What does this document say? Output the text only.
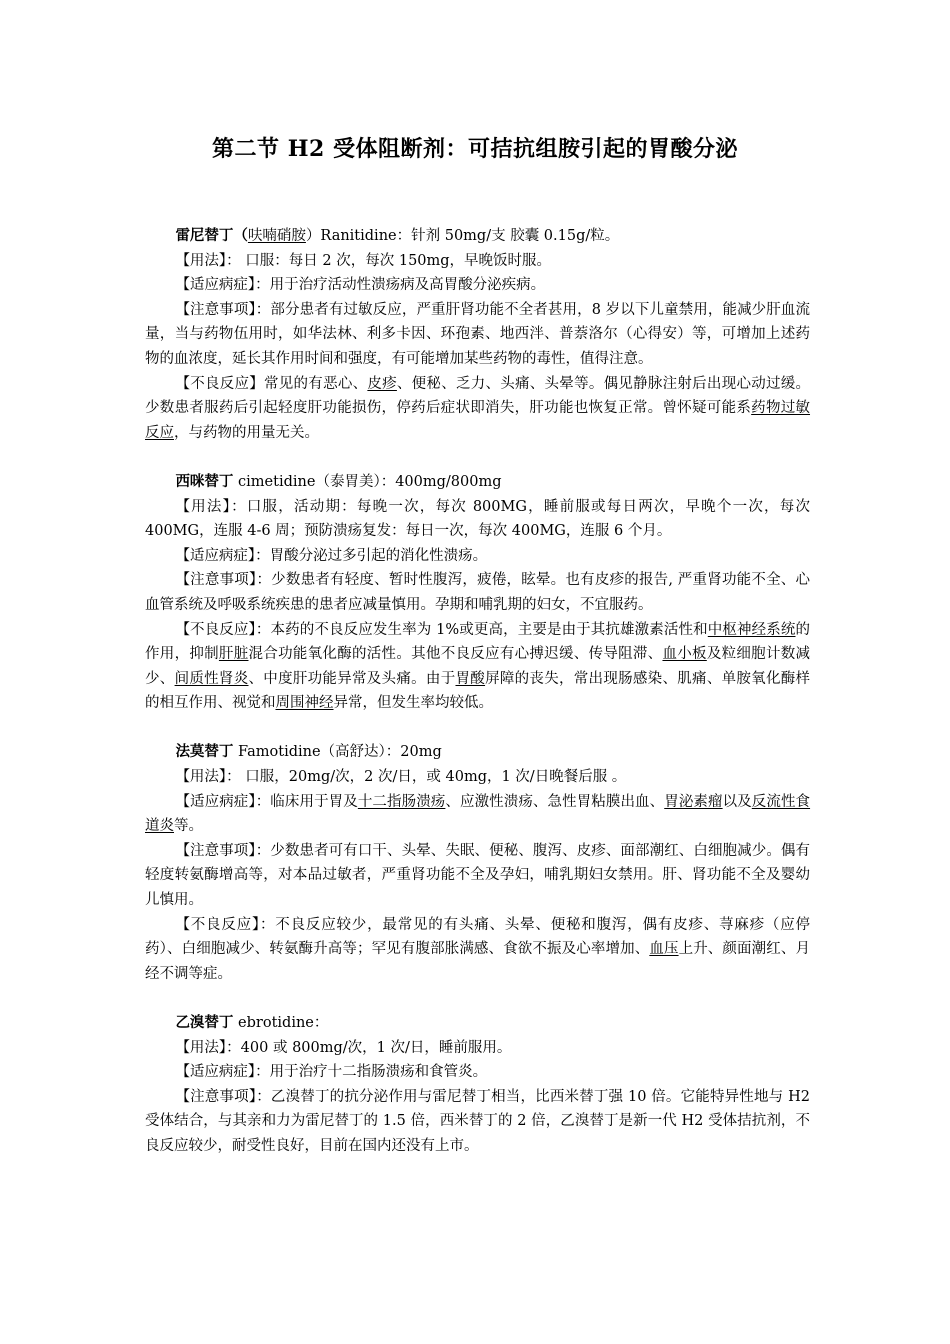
第二节 H2 受体阻断剂：可拮抗组胺引起的胃酸分泌

雷尼替丁（呋喃硝胺）Ranitidine：针剂 50mg/支 胶囊 0.15g/粒。

【用法】： 口服：每日 2 次，每次 150mg，早晚饭时服。

【适应病症】：用于治疗活动性溃疡病及高胃酸分泌疾病。

【注意事项】：部分患者有过敏反应，严重肝肾功能不全者甚用，8 岁以下儿童禁用，能减少肝血流量，当与药物伍用时，如华法林、利多卡因、环孢素、地西泮、普萘洛尔（心得安）等，可增加上述药物的血浓度，延长其作用时间和强度，有可能增加某些药物的毒性，值得注意。

【不良反应】常见的有恶心、皮疹、便秘、乏力、头痛、头晕等。偶见静脉注射后出现心动过缓。少数患者服药后引起轻度肝功能损伤，停药后症状即消失，肝功能也恢复正常。曾怀疑可能系药物过敏反应，与药物的用量无关。

西咪替丁 cimetidine（泰胃美）：400mg/800mg

【用法】：口服，活动期：每晚一次，每次 800MG，睡前服或每日两次，早晚个一次，每次 400MG，连服 4-6 周；预防溃疡复发：每日一次，每次 400MG，连服 6 个月。

【适应病症】：胃酸分泌过多引起的消化性溃疡。

【注意事项】：少数患者有轻度、暂时性腹泻，疲倦，眩晕。也有皮疹的报告, 严重肾功能不全、心血管系统及呼吸系统疾患的患者应减量慎用。孕期和哺乳期的妇女，不宜服药。

【不良反应】：本药的不良反应发生率为 1%或更高，主要是由于其抗雄激素活性和中枢神经系统的作用，抑制肝脏混合功能氧化酶的活性。其他不良反应有心搏迟缓、传导阻滞、血小板及粒细胞计数减少、间质性肾炎、中度肝功能异常及头痛。由于胃酸屏障的丧失，常出现肠感染、肌痛、单胺氧化酶样的相互作用、视觉和周围神经异常，但发生率均较低。

法莫替丁 Famotidine（高舒达）：20mg

【用法】： 口服，20mg/次，2 次/日，或 40mg，1 次/日晚餐后服 。

【适应病症】：临床用于胃及十二指肠溃疡、应激性溃疡、急性胃粘膜出血、胃泌素瘤以及反流性食道炎等。

【注意事项】：少数患者可有口干、头晕、失眠、便秘、腹泻、皮疹、面部潮红、白细胞减少。偶有轻度转氨酶增高等，对本品过敏者，严重肾功能不全及孕妇，哺乳期妇女禁用。肝、肾功能不全及婴幼儿慎用。

【不良反应】：不良反应较少，最常见的有头痛、头晕、便秘和腹泻，偶有皮疹、荨麻疹（应停药）、白细胞减少、转氨酶升高等；罕见有腹部胀满感、食欲不振及心率增加、血压上升、颜面潮红、月经不调等症。

乙溴替丁 ebrotidine：

【用法】：400 或 800mg/次，1 次/日，睡前服用。

【适应病症】：用于治疗十二指肠溃疡和食管炎。

【注意事项】：乙溴替丁的抗分泌作用与雷尼替丁相当，比西米替丁强 10 倍。它能特异性地与 H2 受体结合，与其亲和力为雷尼替丁的 1.5 倍，西米替丁的 2 倍，乙溴替丁是新一代 H2 受体拮抗剂，不良反应较少，耐受性良好，目前在国内还没有上市。
